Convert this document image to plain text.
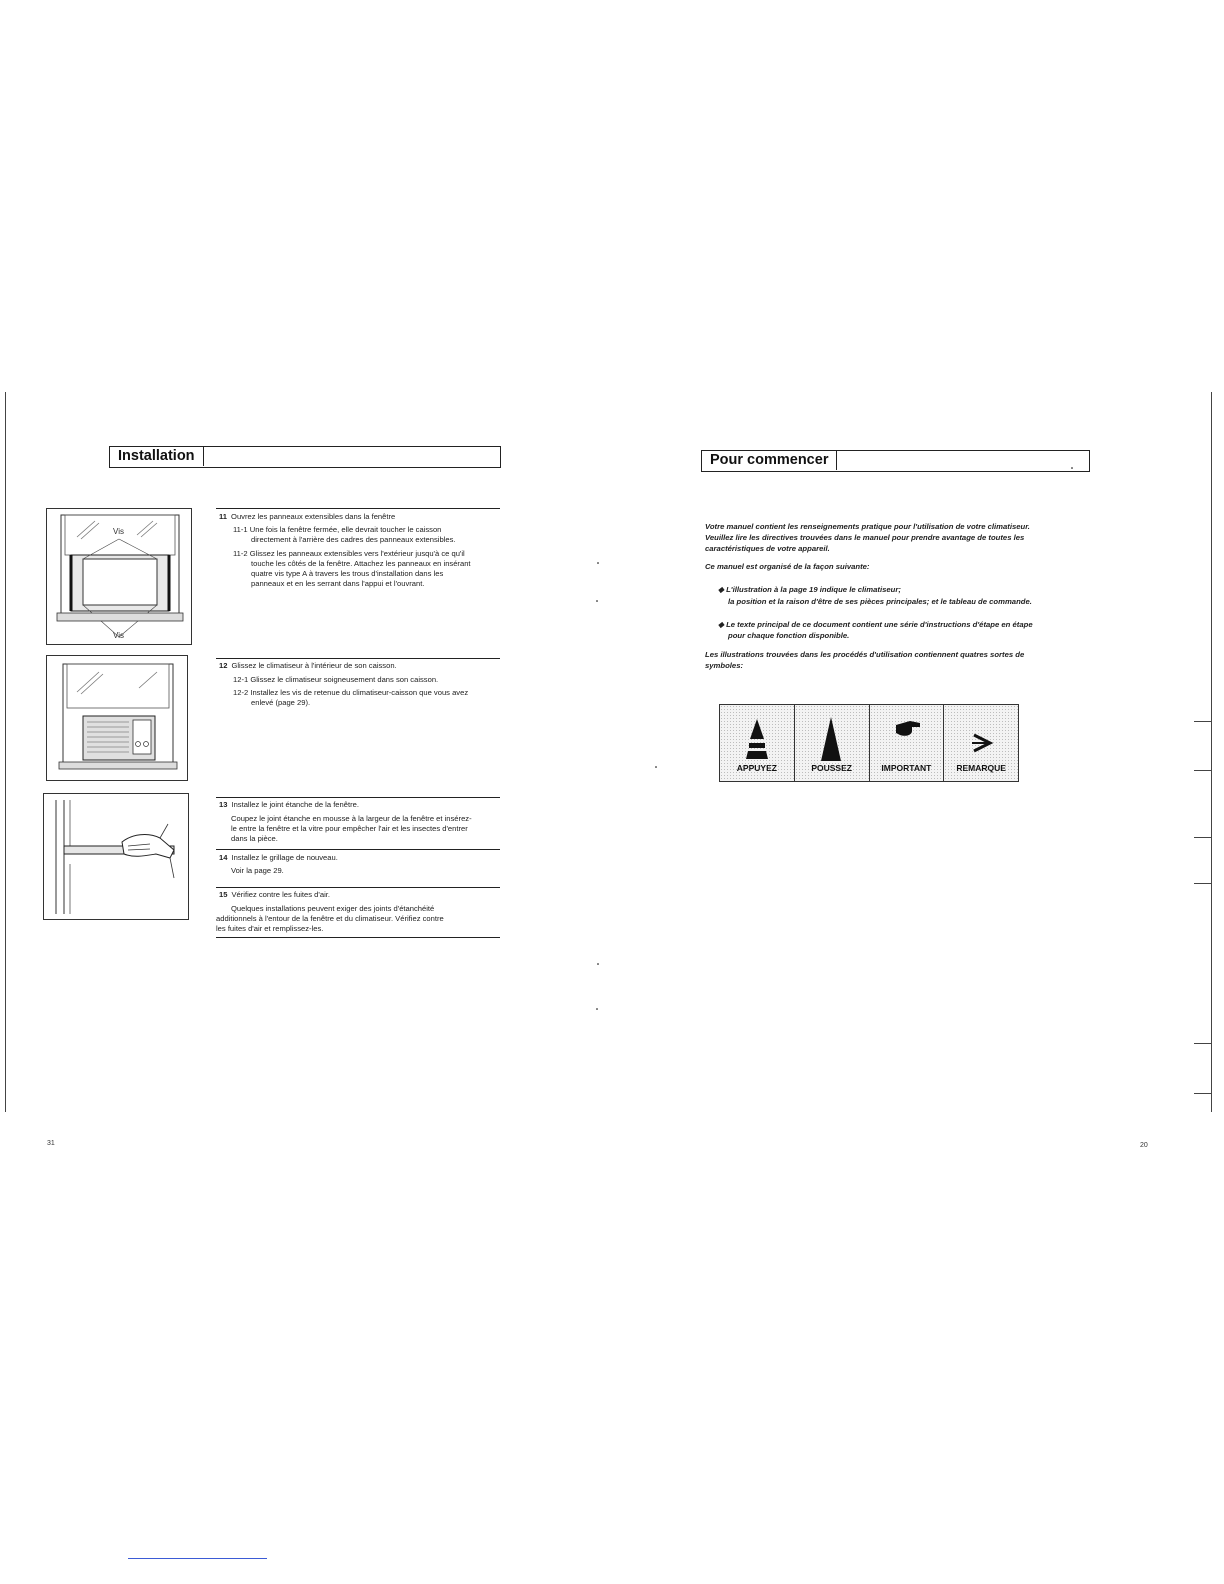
Installation
Vis
Vis
11 Ouvrez les panneaux extensibles dans la fenêtre
11-1 Une fois la fenêtre fermée, elle devrait toucher le caisson
directement à l'arrière des cadres des panneaux extensibles.
11-2 Glissez les panneaux extensibles vers l'extérieur jusqu'à ce qu'il
touche les côtés de la fenêtre. Attachez les panneaux en insérant
quatre vis type A à travers les trous d'installation dans les
panneaux et en les serrant dans l'appui et l'ouvrant.
12 Glissez le climatiseur à l'intérieur de son caisson.
12-1 Glissez le climatiseur soigneusement dans son caisson.
12-2 Installez les vis de retenue du climatiseur-caisson que vous avez
enlevé (page 29).
13 Installez le joint étanche de la fenêtre.
Coupez le joint étanche en mousse à la largeur de la fenêtre et insérez-
le entre la fenêtre et la vitre pour empêcher l'air et les insectes d'entrer
dans la pièce.
14 Installez le grillage de nouveau.
Voir la page 29.
15 Vérifiez contre les fuites d'air.
Quelques installations peuvent exiger des joints d'étanchéité
additionnels à l'entour de la fenêtre et du climatiseur. Vérifiez contre
les fuites d'air et remplissez-les.
31
Pour commencer
Votre manuel contient les renseignements pratique pour l'utilisation de votre climatiseur.
Veuillez lire les directives trouvées dans le manuel pour prendre avantage de toutes les
caractéristiques de votre appareil.
Ce manuel est organisé de la façon suivante:
◆ L'illustration à la page 19 indique le climatiseur;
la position et la raison d'être de ses pièces principales; et le tableau de commande.
◆ Le texte principal de ce document contient une série d'instructions d'étape en étape
pour chaque fonction disponible.
Les illustrations trouvées dans les procédés d'utilisation contiennent quatres sortes de
symboles:
APPUYEZ	POUSSEZ	IMPORTANT	REMARQUE
20
